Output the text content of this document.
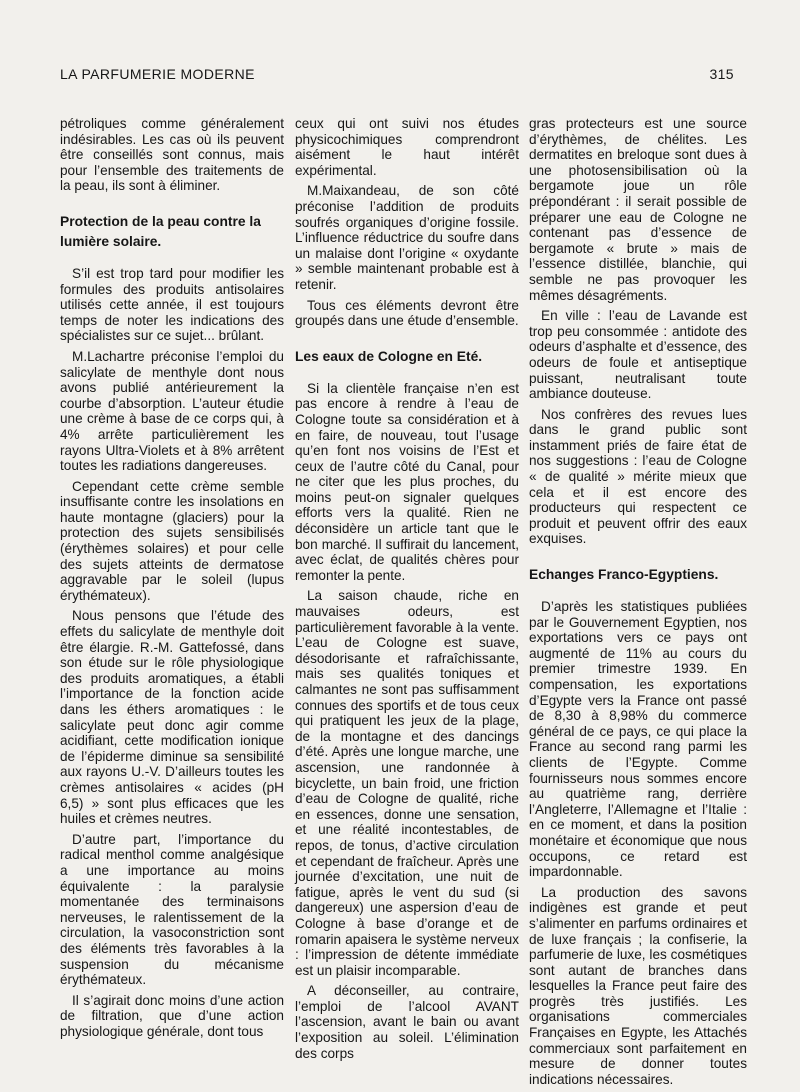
LA PARFUMERIE MODERNE	315

pétroliques comme généralement indésirables. Les cas où ils peuvent être conseillés sont connus, mais pour l’ensemble des traitements de la peau, ils sont à éliminer.

Protection de la peau contre la lumière solaire.

S’il est trop tard pour modifier les formules des produits antisolaires utilisés cette année, il est toujours temps de noter les indications des spécialistes sur ce sujet... brûlant.

M.Lachartre préconise l’emploi du salicylate de menthyle dont nous avons publié antérieurement la courbe d’absorption. L’auteur étudie une crème à base de ce corps qui, à 4% arrête particulièrement les rayons Ultra-Violets et à 8% arrêtent toutes les radiations dangereuses.

Cependant cette crème semble insuffisante contre les insolations en haute montagne (glaciers) pour la protection des sujets sensibilisés (érythèmes solaires) et pour celle des sujets atteints de dermatose aggravable par le soleil (lupus érythémateux).

Nous pensons que l’étude des effets du salicylate de menthyle doit être élargie. R.-M. Gattefossé, dans son étude sur le rôle physiologique des produits aromatiques, a établi l’importance de la fonction acide dans les éthers aromatiques : le salicylate peut donc agir comme acidifiant, cette modification ionique de l’épiderme diminue sa sensibilité aux rayons U.-V. D’ailleurs toutes les crèmes antisolaires « acides (pH 6,5) » sont plus efficaces que les huiles et crèmes neutres.

D’autre part, l’importance du radical menthol comme analgésique a une importance au moins équivalente : la paralysie momentanée des terminaisons nerveuses, le ralentissement de la circulation, la vasoconstriction sont des éléments très favorables à la suspension du mécanisme érythémateux.

Il s’agirait donc moins d’une action de filtration, que d’une action physiologique générale, dont tous

ceux qui ont suivi nos études physicochimiques comprendront aisément le haut intérêt expérimental.

M.Maixandeau, de son côté préconise l’addition de produits soufrés organiques d’origine fossile. L’influence réductrice du soufre dans un malaise dont l’origine « oxydante » semble maintenant probable est à retenir.

Tous ces éléments devront être groupés dans une étude d’ensemble.

Les eaux de Cologne en Eté.

Si la clientèle française n’en est pas encore à rendre à l’eau de Cologne toute sa considération et à en faire, de nouveau, tout l’usage qu’en font nos voisins de l’Est et ceux de l’autre côté du Canal, pour ne citer que les plus proches, du moins peut-on signaler quelques efforts vers la qualité. Rien ne déconsidère un article tant que le bon marché. Il suffirait du lancement, avec éclat, de qualités chères pour remonter la pente.

La saison chaude, riche en mauvaises odeurs, est particulièrement favorable à la vente. L’eau de Cologne est suave, désodorisante et rafraîchissante, mais ses qualités toniques et calmantes ne sont pas suffisamment connues des sportifs et de tous ceux qui pratiquent les jeux de la plage, de la montagne et des dancings d’été. Après une longue marche, une ascension, une randonnée à bicyclette, un bain froid, une friction d’eau de Cologne de qualité, riche en essences, donne une sensation, et une réalité incontestables, de repos, de tonus, d’active circulation et cependant de fraîcheur. Après une journée d’excitation, une nuit de fatigue, après le vent du sud (si dangereux) une aspersion d’eau de Cologne à base d’orange et de romarin apaisera le système nerveux : l’impression de détente immédiate est un plaisir incomparable.

A déconseiller, au contraire, l’emploi de l’alcool AVANT l’ascension, avant le bain ou avant l’exposition au soleil. L’élimination des corps

gras protecteurs est une source d’érythèmes, de chélites. Les dermatites en breloque sont dues à une photosensibilisation où la bergamote joue un rôle prépondérant : il serait possible de préparer une eau de Cologne ne contenant pas d’essence de bergamote « brute » mais de l’essence distillée, blanchie, qui semble ne pas provoquer les mêmes désagréments.

En ville : l’eau de Lavande est trop peu consommée : antidote des odeurs d’asphalte et d’essence, des odeurs de foule et antiseptique puissant, neutralisant toute ambiance douteuse.

Nos confrères des revues lues dans le grand public sont instamment priés de faire état de nos suggestions : l’eau de Cologne « de qualité » mérite mieux que cela et il est encore des producteurs qui respectent ce produit et peuvent offrir des eaux exquises.

Echanges Franco-Egyptiens.

D’après les statistiques publiées par le Gouvernement Egyptien, nos exportations vers ce pays ont augmenté de 11% au cours du premier trimestre 1939. En compensation, les exportations d’Egypte vers la France ont passé de 8,30 à 8,98% du commerce général de ce pays, ce qui place la France au second rang parmi les clients de l’Egypte. Comme fournisseurs nous sommes encore au quatrième rang, derrière l’Angleterre, l’Allemagne et l’Italie : en ce moment, et dans la position monétaire et économique que nous occupons, ce retard est impardonnable.

La production des savons indigènes est grande et peut s’alimenter en parfums ordinaires et de luxe français ; la confiserie, la parfumerie de luxe, les cosmétiques sont autant de branches dans lesquelles la France peut faire des progrès très justifiés. Les organisations commerciales Françaises en Egypte, les Attachés commerciaux sont parfaitement en mesure de donner toutes indications nécessaires.
